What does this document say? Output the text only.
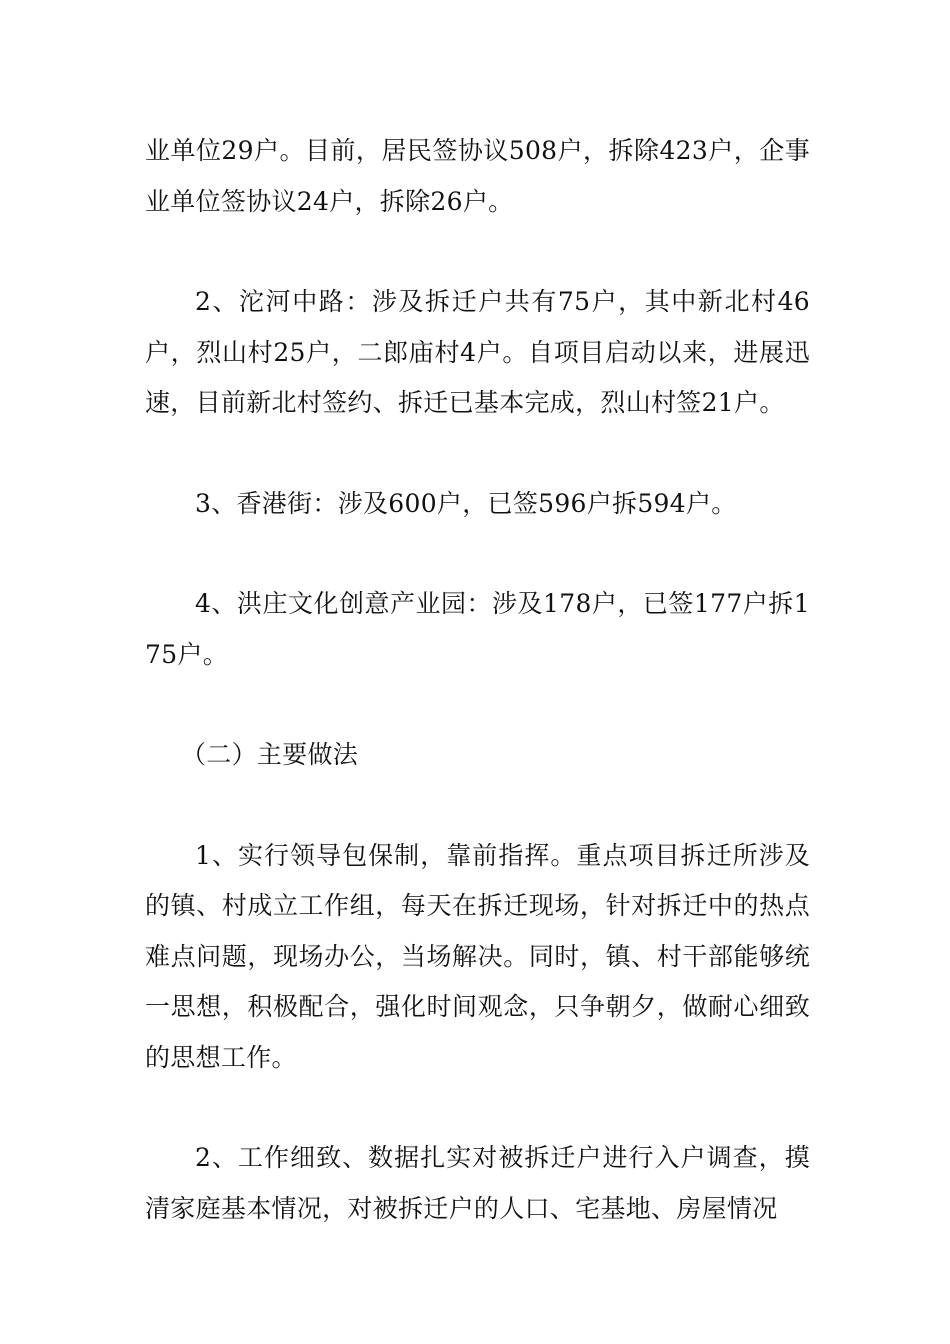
业单位29户。目前，居民签协议508户，拆除423户，企事业单位签协议24户，拆除26户。

2、沱河中路：涉及拆迁户共有75户，其中新北村46户，烈山村25户，二郎庙村4户。自项目启动以来，进展迅速，目前新北村签约、拆迁已基本完成，烈山村签21户。

3、香港街：涉及600户，已签596户拆594户。

4、洪庄文化创意产业园：涉及178户，已签177户拆175户。

（二）主要做法

1、实行领导包保制，靠前指挥。重点项目拆迁所涉及的镇、村成立工作组，每天在拆迁现场，针对拆迁中的热点难点问题，现场办公，当场解决。同时，镇、村干部能够统一思想，积极配合，强化时间观念，只争朝夕，做耐心细致的思想工作。

2、工作细致、数据扎实对被拆迁户进行入户调查，摸清家庭基本情况，对被拆迁户的人口、宅基地、房屋情况
